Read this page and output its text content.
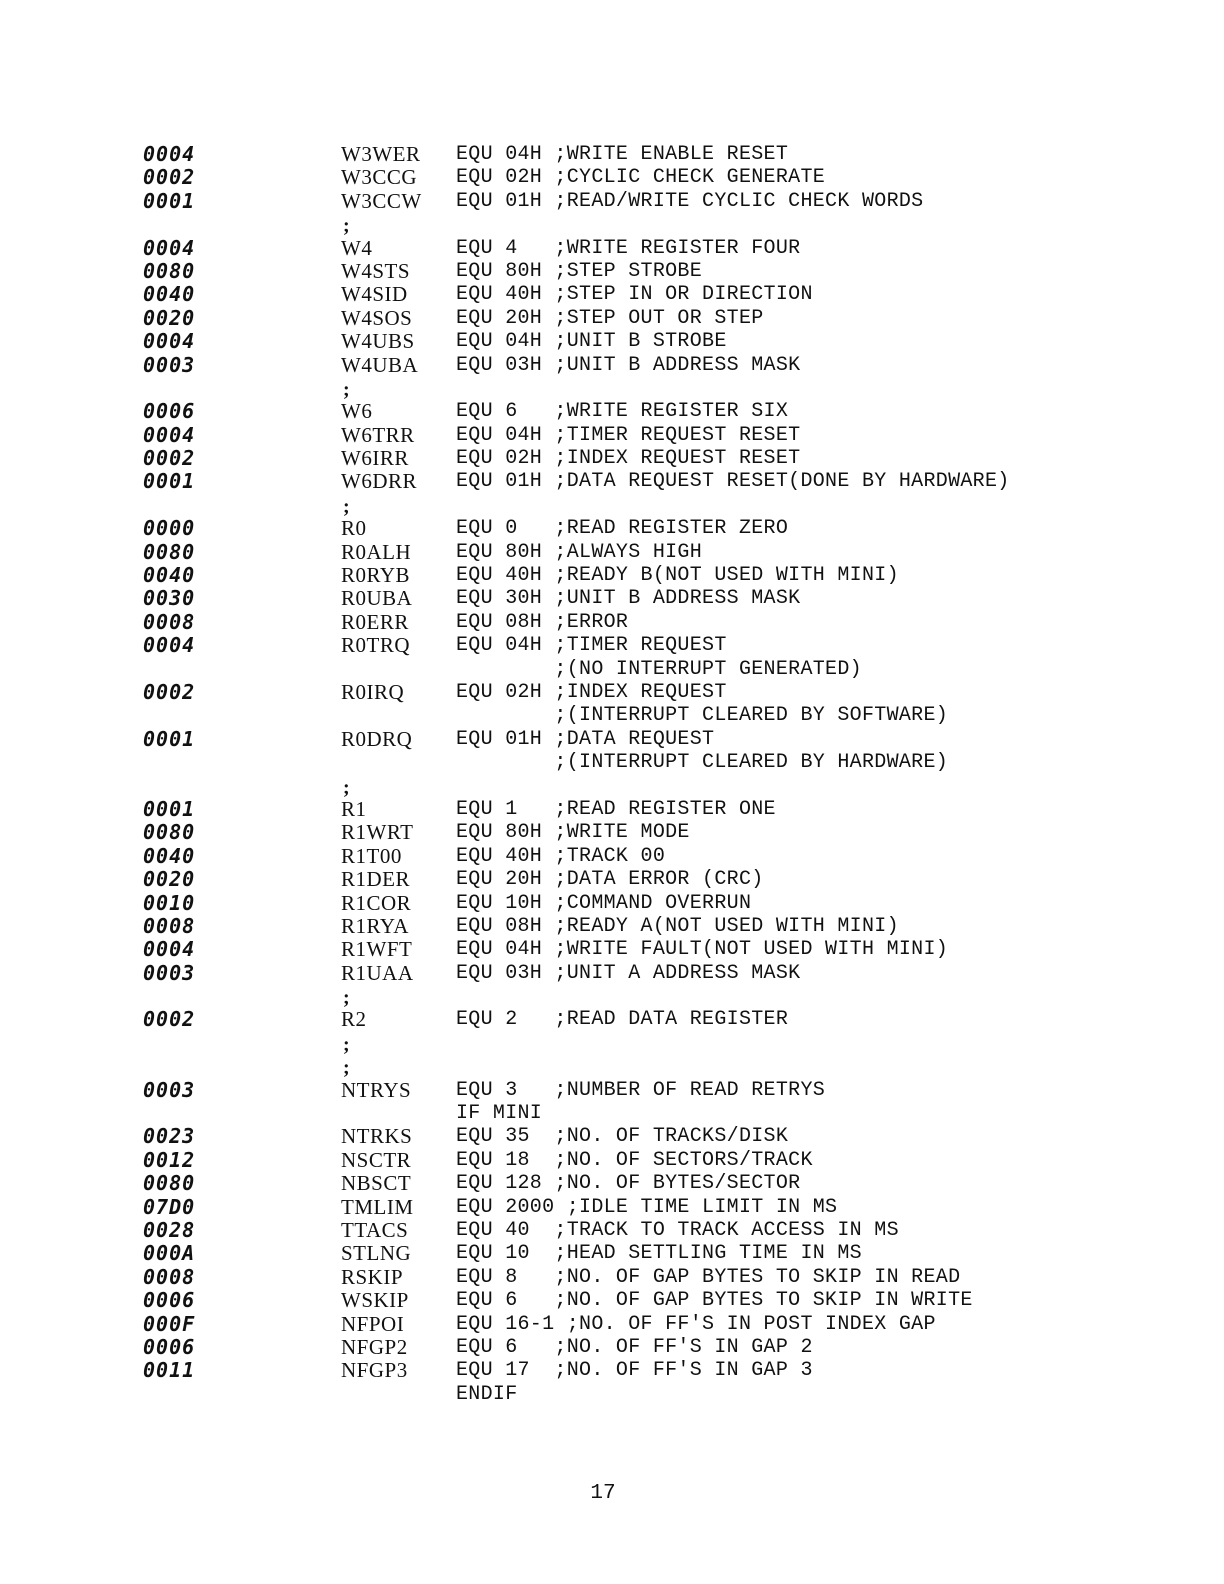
0004	W3WER EQU 04H ;WRITE ENABLE RESET
0002	W3CCG EQU 02H ;CYCLIC CHECK GENERATE
0001	W3CCW EQU 01H ;READ/WRITE CYCLIC CHECK WORDS
;
0004	W4	EQU 4   ;WRITE REGISTER FOUR
0080	W4STS EQU 80H ;STEP STROBE
0040	W4SID EQU 40H ;STEP IN OR DIRECTION
0020	W4SOS EQU 20H ;STEP OUT OR STEP
0004	W4UBS EQU 04H ;UNIT B STROBE
0003	W4UBA EQU 03H ;UNIT B ADDRESS MASK
;
0006	W6	EQU 6   ;WRITE REGISTER SIX
0004	W6TRR EQU 04H ;TIMER REQUEST RESET
0002	W6IRR EQU 02H ;INDEX REQUEST RESET
0001	W6DRR EQU 01H ;DATA REQUEST RESET(DONE BY HARDWARE)
;
0000	R0	EQU 0   ;READ REGISTER ZERO
0080	R0ALH EQU 80H ;ALWAYS HIGH
0040	R0RYB EQU 40H ;READY B(NOT USED WITH MINI)
0030	R0UBA EQU 30H ;UNIT B ADDRESS MASK
0008	R0ERR EQU 08H ;ERROR
0004	R0TRQ EQU 04H ;TIMER REQUEST
;(NO INTERRUPT GENERATED)
0002	R0IRQ	EQU 02H ;INDEX REQUEST
;(INTERRUPT CLEARED BY SOFTWARE)
0001	R0DRQ EQU 01H ;DATA REQUEST
;(INTERRUPT CLEARED BY HARDWARE)
;
0001	R1	EQU 1   ;READ REGISTER ONE
0080	R1WRT EQU 80H ;WRITE MODE
0040	R1T00	EQU 40H ;TRACK 00
0020	R1DER EQU 20H ;DATA ERROR (CRC)
0010	R1COR EQU 10H ;COMMAND OVERRUN
0008	R1RYA EQU 08H ;READY A(NOT USED WITH MINI)
0004	R1WFT EQU 04H ;WRITE FAULT(NOT USED WITH MINI)
0003	R1UAA EQU 03H ;UNIT A ADDRESS MASK
;
0002	R2	EQU 2   ;READ DATA REGISTER
;
;
0003	NTRYS EQU 3   ;NUMBER OF READ RETRYS
IF MINI
0023	NTRKS EQU 35  ;NO. OF TRACKS/DISK
0012	NSCTR EQU 18  ;NO. OF SECTORS/TRACK
0080	NBSCT EQU 128 ;NO. OF BYTES/SECTOR
07D0	TMLIM EQU 2000 ;IDLE TIME LIMIT IN MS
0028	TTACS EQU 40  ;TRACK TO TRACK ACCESS IN MS
000A	STLNG EQU 10  ;HEAD SETTLING TIME IN MS
0008	RSKIP	EQU 8   ;NO. OF GAP BYTES TO SKIP IN READ
0006	WSKIP EQU 6   ;NO. OF GAP BYTES TO SKIP IN WRITE
000F	NFPOI	EQU 16-1 ;NO. OF FF'S IN POST INDEX GAP
0006	NFGP2 EQU 6   ;NO. OF FF'S IN GAP 2
0011	NFGP3 EQU 17  ;NO. OF FF'S IN GAP 3
ENDIF
17
